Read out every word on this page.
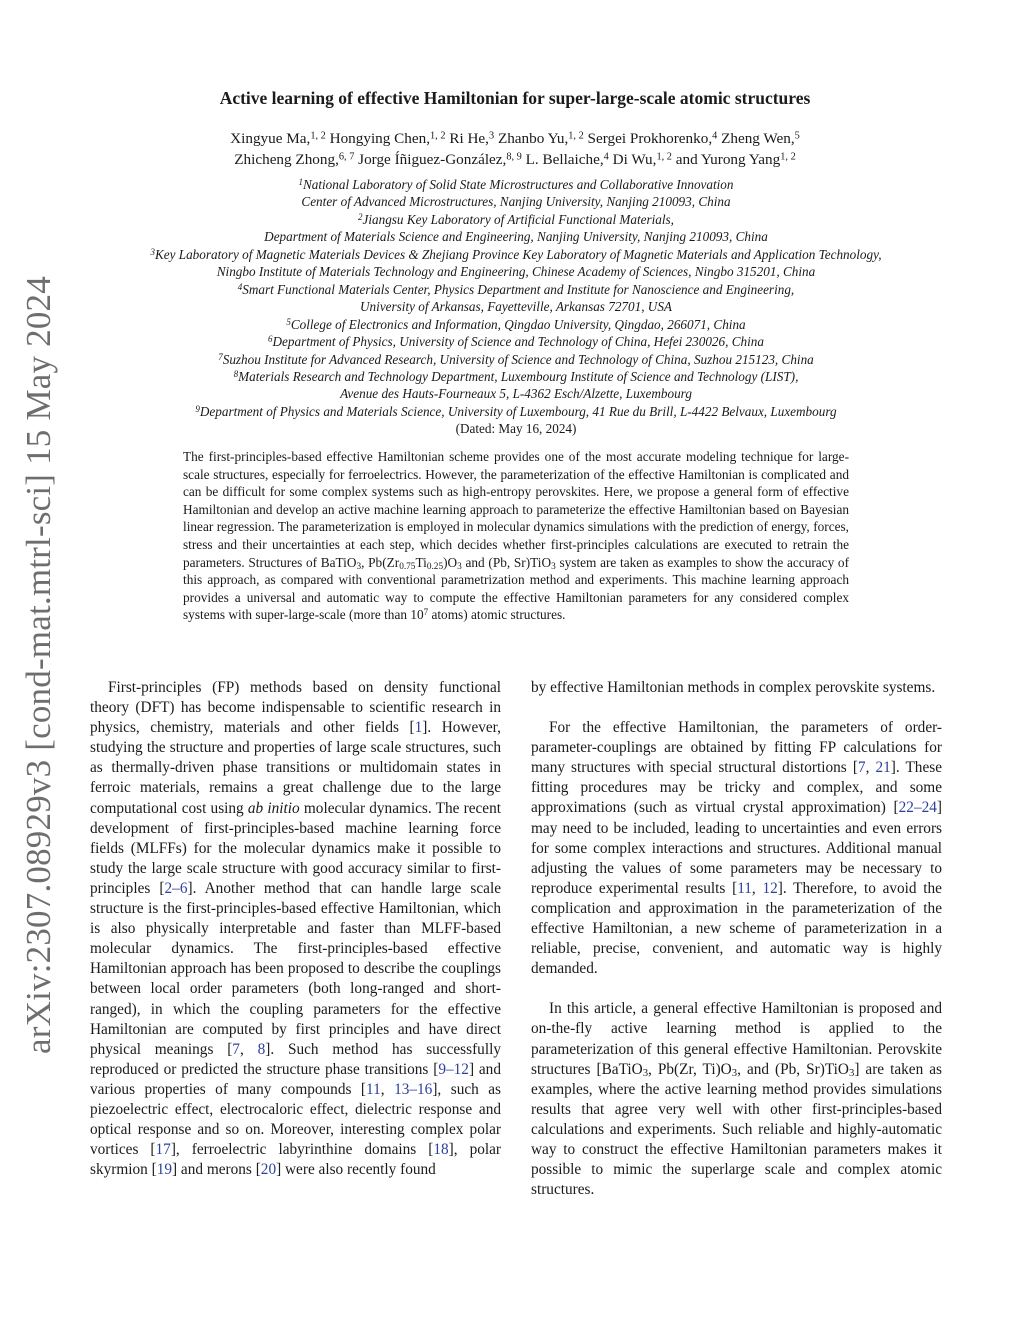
arXiv:2307.08929v3 [cond-mat.mtrl-sci] 15 May 2024
Active learning of effective Hamiltonian for super-large-scale atomic structures
Xingyue Ma,$^{1, 2}$ Hongying Chen,$^{1, 2}$ Ri He,$^3$ Zhanbo Yu,$^{1, 2}$ Sergei Prokhorenko,$^4$ Zheng Wen,$^5$
Zhicheng Zhong,$^{6, 7}$ Jorge Íñiguez-González,$^{8, 9}$ L. Bellaiche,$^4$ Di Wu,$^{1, 2}$ and Yurong Yang$^{1, 2}$
$^1$National Laboratory of Solid State Microstructures and Collaborative Innovation
Center of Advanced Microstructures, Nanjing University, Nanjing 210093, China
$^2$Jiangsu Key Laboratory of Artificial Functional Materials,
Department of Materials Science and Engineering, Nanjing University, Nanjing 210093, China
$^3$Key Laboratory of Magnetic Materials Devices & Zhejiang Province Key Laboratory of Magnetic Materials and Application Technology,
Ningbo Institute of Materials Technology and Engineering, Chinese Academy of Sciences, Ningbo 315201, China
$^4$Smart Functional Materials Center, Physics Department and Institute for Nanoscience and Engineering,
University of Arkansas, Fayetteville, Arkansas 72701, USA
$^5$College of Electronics and Information, Qingdao University, Qingdao, 266071, China
$^6$Department of Physics, University of Science and Technology of China, Hefei 230026, China
$^7$Suzhou Institute for Advanced Research, University of Science and Technology of China, Suzhou 215123, China
$^8$Materials Research and Technology Department, Luxembourg Institute of Science and Technology (LIST),
Avenue des Hauts-Fourneaux 5, L-4362 Esch/Alzette, Luxembourg
$^9$Department of Physics and Materials Science, University of Luxembourg, 41 Rue du Brill, L-4422 Belvaux, Luxembourg
(Dated: May 16, 2024)

The first-principles-based effective Hamiltonian scheme provides one of the most accurate modeling technique for large-scale structures, especially for ferroelectrics. However, the parameterization of the effective Hamiltonian is complicated and can be difficult for some complex systems such as high-entropy perovskites. Here, we propose a general form of effective Hamiltonian and develop an active machine learning approach to parameterize the effective Hamiltonian based on Bayesian linear regression. The parameterization is employed in molecular dynamics simulations with the prediction of energy, forces, stress and their uncertainties at each step, which decides whether first-principles calculations are executed to retrain the parameters. Structures of BaTiO$_3$, $Pb(Zr_{0.75}Ti_{0.25})O_3$ and (Pb, Sr)TiO$_3$ system are taken as examples to show the accuracy of this approach, as compared with conventional parametrization method and experiments. This machine learning approach provides a universal and automatic way to compute the effective Hamiltonian parameters for any considered complex systems with super-large-scale (more than $10^7$ atoms) atomic structures.

First-principles (FP) methods based on density functional theory (DFT) has become indispensable to scientific research in physics, chemistry, materials and other fields [1]. However, studying the structure and properties of large scale structures, such as thermally-driven phase transitions or multidomain states in ferroic materials, remains a great challenge due to the large computational cost using ab initio molecular dynamics. The recent development of first-principles-based machine learning force fields (MLFFs) for the molecular dynamics make it possible to study the large scale structure with good accuracy similar to first-principles [2–6]. Another method that can handle large scale structure is the first-principles-based effective Hamiltonian, which is also physically interpretable and faster than MLFF-based molecular dynamics. The first-principles-based effective Hamiltonian approach has been proposed to describe the couplings between local order parameters (both long-ranged and short-ranged), in which the coupling parameters for the effective Hamiltonian are computed by first principles and have direct physical meanings [7, 8]. Such method has successfully reproduced or predicted the structure phase transitions [9–12] and various properties of many compounds [11, 13–16], such as piezoelectric effect, electrocaloric effect, dielectric response and optical response and so on. Moreover, interesting complex polar vortices [17], ferroelectric labyrinthine domains [18], polar skyrmion [19] and merons [20] were also recently found

by effective Hamiltonian methods in complex perovskite systems.

For the effective Hamiltonian, the parameters of order-parameter-couplings are obtained by fitting FP calculations for many structures with special structural distortions [7, 21]. These fitting procedures may be tricky and complex, and some approximations (such as virtual crystal approximation) [22–24] may need to be included, leading to uncertainties and even errors for some complex interactions and structures. Additional manual adjusting the values of some parameters may be necessary to reproduce experimental results [11, 12]. Therefore, to avoid the complication and approximation in the parameterization of the effective Hamiltonian, a new scheme of parameterization in a reliable, precise, convenient, and automatic way is highly demanded.

In this article, a general effective Hamiltonian is proposed and on-the-fly active learning method is applied to the parameterization of this general effective Hamiltonian. Perovskite structures [BaTiO$_3$, Pb(Zr, $Ti)O_3$, and (Pb, Sr)TiO$_3$] are taken as examples, where the active learning method provides simulations results that agree very well with other first-principles-based calculations and experiments. Such reliable and highly-automatic way to construct the effective Hamiltonian parameters makes it possible to mimic the superlarge scale and complex atomic structures.
